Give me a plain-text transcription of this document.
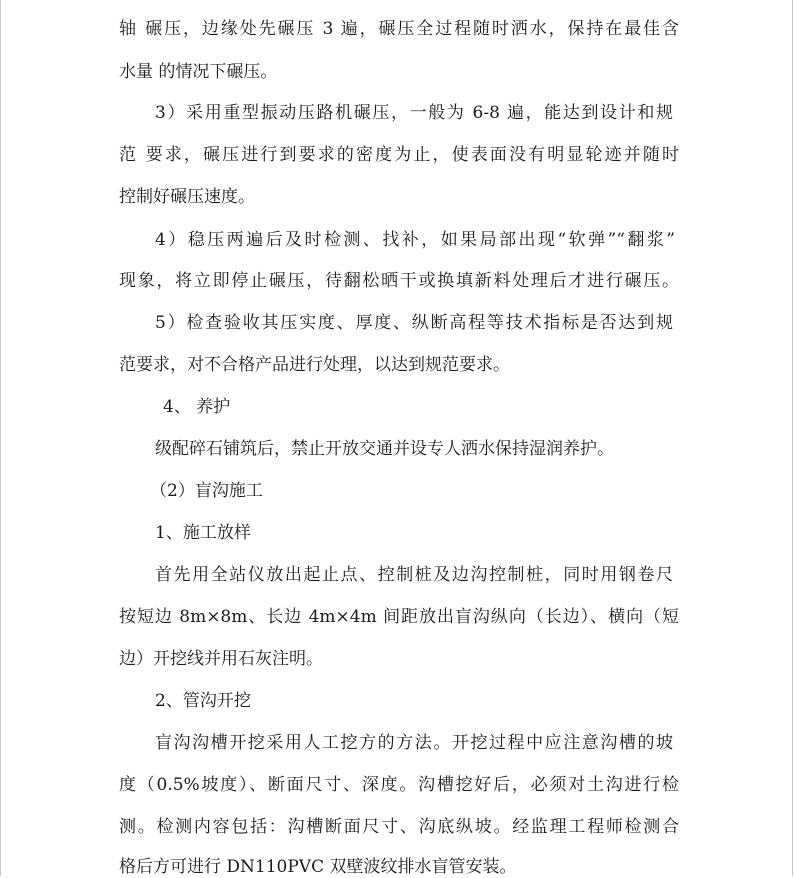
轴 碾压，边缘处先碾压 3 遍，碾压全过程随时洒水，保持在最佳含
水量 的情况下碾压。
3）采用重型振动压路机碾压，一般为 6-8 遍，能达到设计和规
范 要求，碾压进行到要求的密度为止，使表面没有明显轮迹并随时
控制好碾压速度。
4）稳压两遍后及时检测、找补，如果局部出现“软弹”“翻浆”
现象，将立即停止碾压，待翻松晒干或换填新料处理后才进行碾压。
5）检查验收其压实度、厚度、纵断高程等技术指标是否达到规
范要求，对不合格产品进行处理，以达到规范要求。
4、 养护
级配碎石铺筑后，禁止开放交通并设专人洒水保持湿润养护。
（2）盲沟施工
1、施工放样
首先用全站仪放出起止点、控制桩及边沟控制桩，同时用钢卷尺
按短边 8m×8m、长边 4m×4m 间距放出盲沟纵向（长边）、横向（短
边）开挖线并用石灰注明。
2、管沟开挖
盲沟沟槽开挖采用人工挖方的方法。开挖过程中应注意沟槽的坡
度（0.5%坡度）、断面尺寸、深度。沟槽挖好后，必须对土沟进行检
测。检测内容包括：沟槽断面尺寸、沟底纵坡。经监理工程师检测合
格后方可进行 DN110PVC 双壁波纹排水盲管安装。
